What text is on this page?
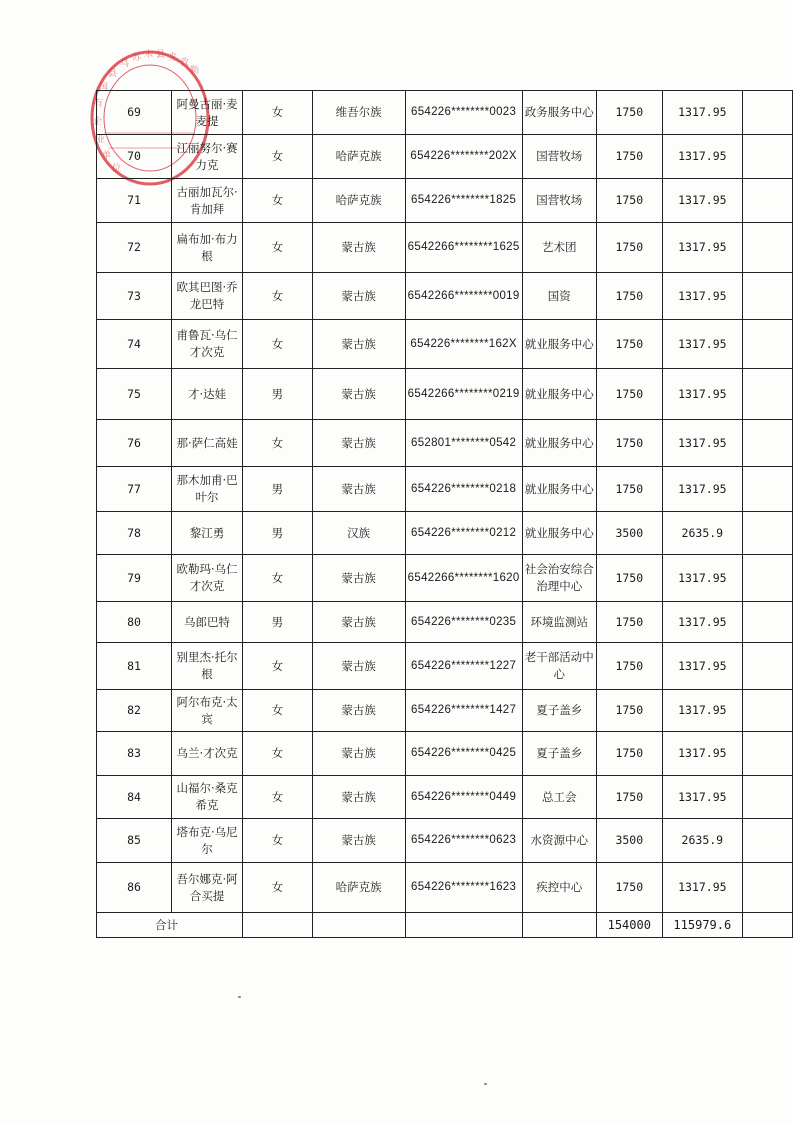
乌
苏 木 县 克 孜
勒
县
国
有
企
业
单
位
69	阿曼古丽·麦麦提	女	维吾尔族	654226********0023	政务服务中心	1750	1317.95	
70	江丽努尔·赛力克	女	哈萨克族	654226********202X	国营牧场	1750	1317.95	
71	古丽加瓦尔·肯加拜	女	哈萨克族	654226********1825	国营牧场	1750	1317.95	
72	扁布加·布力根	女	蒙古族	6542266********1625	艺术团	1750	1317.95	
73	欧其巴图·乔龙巴特	女	蒙古族	6542266********0019	国资	1750	1317.95	
74	甫鲁瓦·乌仁才次克	女	蒙古族	654226********162X	就业服务中心	1750	1317.95	
75	才·达娃	男	蒙古族	6542266********0219	就业服务中心	1750	1317.95	
76	那·萨仁高娃	女	蒙古族	652801********0542	就业服务中心	1750	1317.95	
77	那木加甫·巴叶尔	男	蒙古族	654226********0218	就业服务中心	1750	1317.95	
78	黎江勇	男	汉族	654226********0212	就业服务中心	3500	2635.9	
79	欧勒玛·乌仁才次克	女	蒙古族	6542266********1620	社会治安综合治理中心	1750	1317.95	
80	乌郎巴特	男	蒙古族	654226********0235	环境监测站	1750	1317.95	
81	别里杰·托尔根	女	蒙古族	654226********1227	老干部活动中心	1750	1317.95	
82	阿尔布克·太宾	女	蒙古族	654226********1427	夏子盖乡	1750	1317.95	
83	乌兰·才次克	女	蒙古族	654226********0425	夏子盖乡	1750	1317.95	
84	山福尔·桑克希克	女	蒙古族	654226********0449	总工会	1750	1317.95	
85	塔布克·乌尼尔	女	蒙古族	654226********0623	水资源中心	3500	2635.9	
86	吾尔娜克·阿合买提	女	哈萨克族	654226********1623	疾控中心	1750	1317.95	
合计						154000	115979.6	
